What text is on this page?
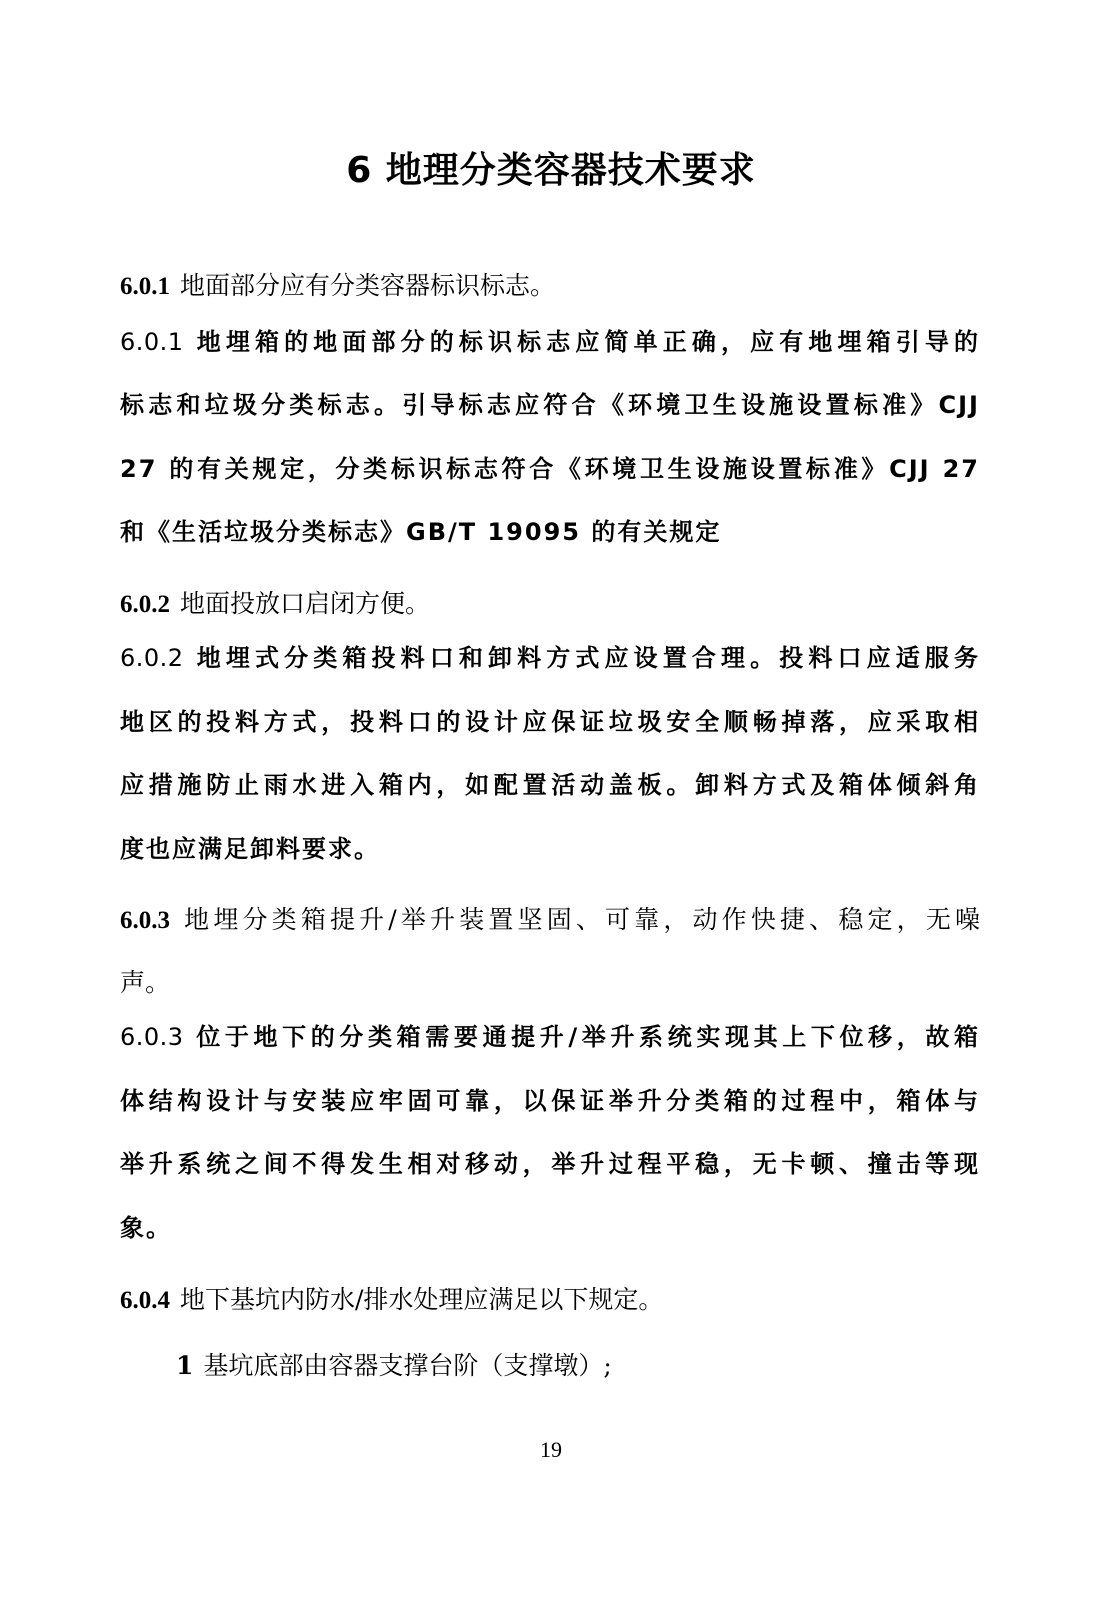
6 地理分类容器技术要求
6.0.1 地面部分应有分类容器标识标志。
6.0.1 地埋箱的地面部分的标识标志应简单正确，应有地埋箱引导的
标志和垃圾分类标志。引导标志应符合《环境卫生设施设置标准》CJJ
27 的有关规定，分类标识标志符合《环境卫生设施设置标准》CJJ 27
和《生活垃圾分类标志》GB/T 19095 的有关规定
6.0.2 地面投放口启闭方便。
6.0.2 地埋式分类箱投料口和卸料方式应设置合理。投料口应适服务
地区的投料方式，投料口的设计应保证垃圾安全顺畅掉落，应采取相
应措施防止雨水进入箱内，如配置活动盖板。卸料方式及箱体倾斜角
度也应满足卸料要求。
6.0.3 地埋分类箱提升/举升装置坚固、可靠，动作快捷、稳定，无噪
声。
6.0.3 位于地下的分类箱需要通提升/举升系统实现其上下位移，故箱
体结构设计与安装应牢固可靠，以保证举升分类箱的过程中，箱体与
举升系统之间不得发生相对移动，举升过程平稳，无卡顿、撞击等现
象。
6.0.4 地下基坑内防水/排水处理应满足以下规定。
1 基坑底部由容器支撑台阶（支撑墩）;
19
